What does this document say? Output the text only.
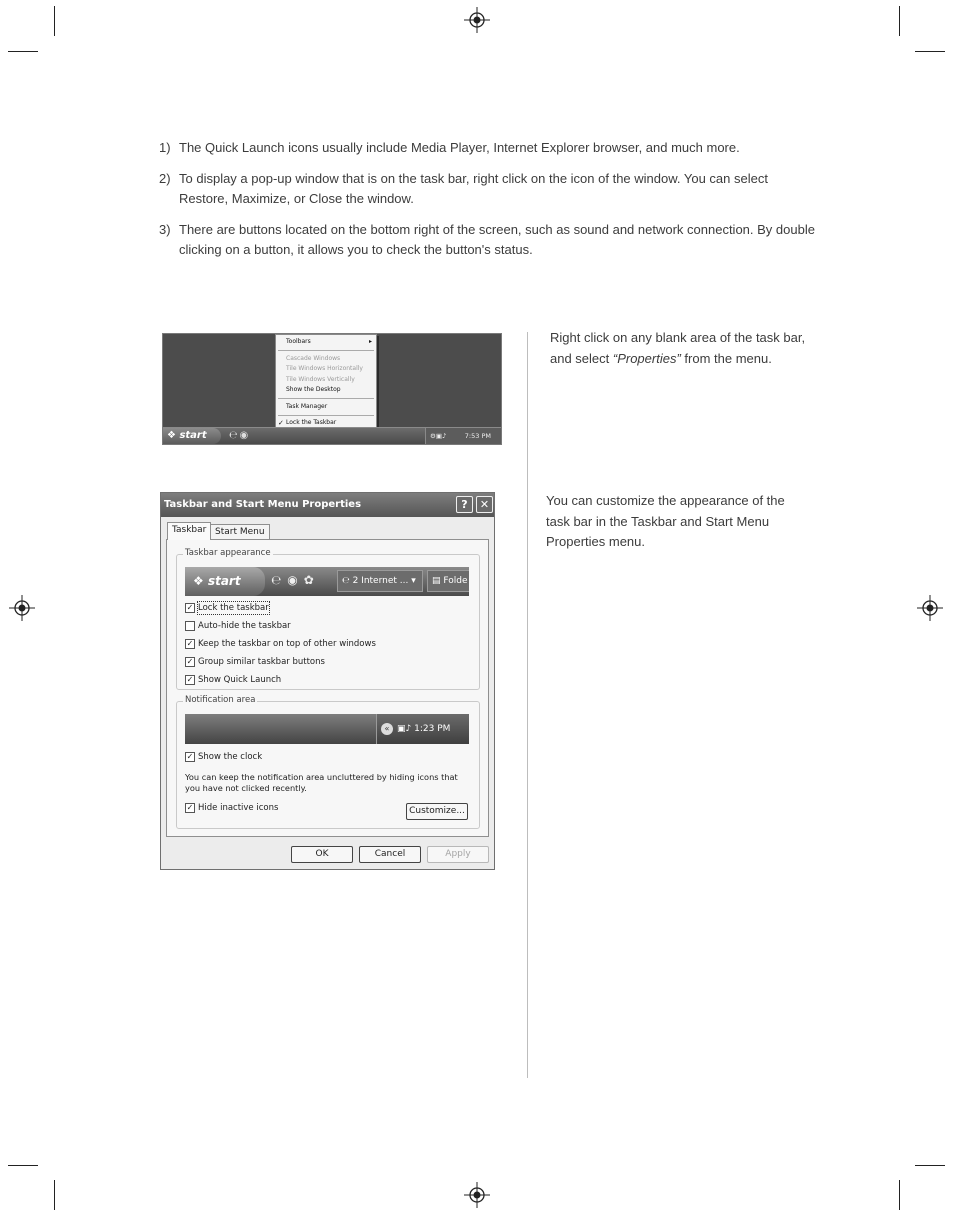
1) The Quick Launch icons usually include Media Player, Internet Explorer browser, and much more.
2) To display a pop-up window that is on the task bar, right click on the icon of the window. You can select Restore, Maximize, or Close the window.
3) There are buttons located on the bottom right of the screen, such as sound and network connection. By double clicking on a button, it allows you to check the button's status.
Toolbars	▸
Cascade Windows
Tile Windows Horizontally
Tile Windows Vertically
Show the Desktop
Task Manager
✓ Lock the Taskbar
❖ start	℮◉	⚙▣♪	7:53 PM
Right click on any blank area of the task bar, and select “Properties” from the menu.
Taskbar and Start Menu Properties	?	✕
Taskbar Start Menu
Taskbar appearance
❖ start	℮◉✿	℮ 2 Internet ... ▾	▤ Folde
✓ Lock the taskbar
Auto-hide the taskbar
✓ Keep the taskbar on top of other windows
✓ Group similar taskbar buttons
✓ Show Quick Launch
Notification area
« ▣♪ 1:23 PM
✓ Show the clock
You can keep the notification area uncluttered by hiding icons that you have not clicked recently.
✓ Hide inactive icons	Customize...
OK	Cancel	Apply
You can customize the appearance of the task bar in the Taskbar and Start Menu Properties menu.
